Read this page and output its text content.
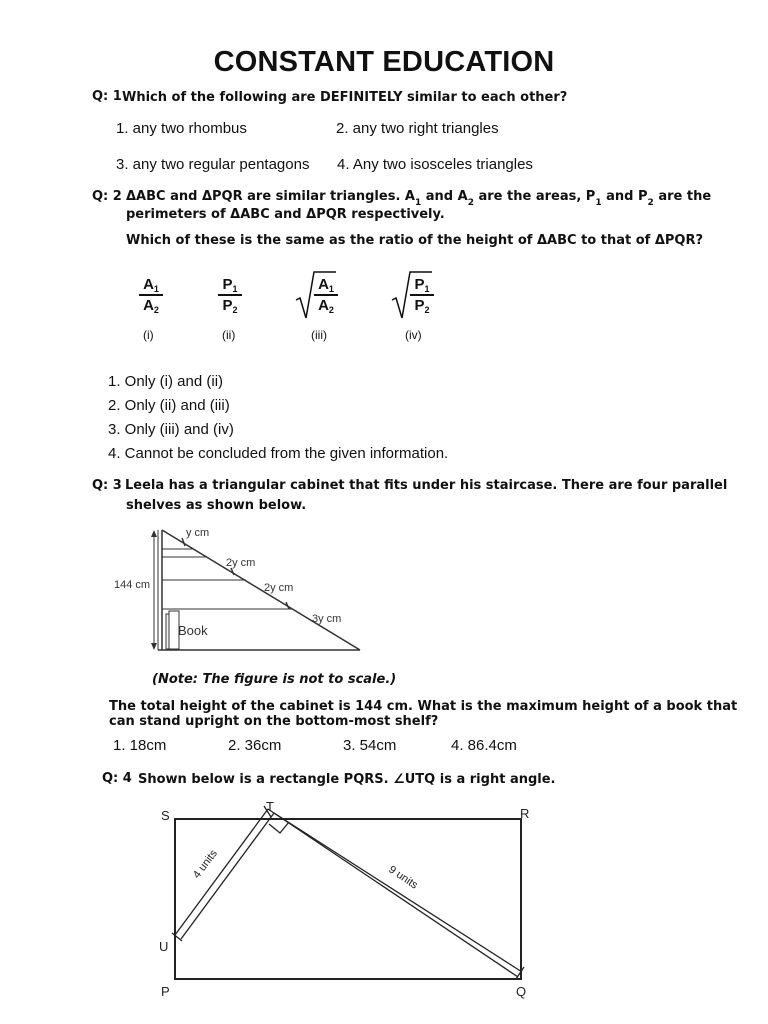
CONSTANT EDUCATION
Q: 1 Which of the following are DEFINITELY similar to each other?
1. any two rhombus	2. any two right triangles
3. any two regular pentagons 4. Any two isosceles triangles
Q: 2 ΔABC and ΔPQR are similar triangles. $A_1$ and $A_2$ are the areas, $P_1$ and $P_2$ are the
perimeters of ΔABC and ΔPQR respectively.
Which of these is the same as the ratio of the height of ΔABC to that of ΔPQR?
$A_1$
$A_2$
(i)
$P_1$
$P_2$
(ii)
$A_1$
$A_2$
(iii)
$P_1$
$P_2$
(iv)
1. Only (i) and (ii)
2. Only (ii) and (iii)
3. Only (iii) and (iv)
4. Cannot be concluded from the given information.
Q: 3 Leela has a triangular cabinet that fits under his staircase. There are four parallel
shelves as shown below.
y cm
2y cm
2y cm
3y cm
144 cm
Book
(Note: The figure is not to scale.)
The total height of the cabinet is 144 cm. What is the maximum height of a book that
can stand upright on the bottom-most shelf?
1. 18cm	2. 36cm	3. 54cm	4. 86.4cm
Q: 4 Shown below is a rectangle PQRS. ∠UTQ is a right angle.
S
T	R
U
P	Q
4 units	9 units
